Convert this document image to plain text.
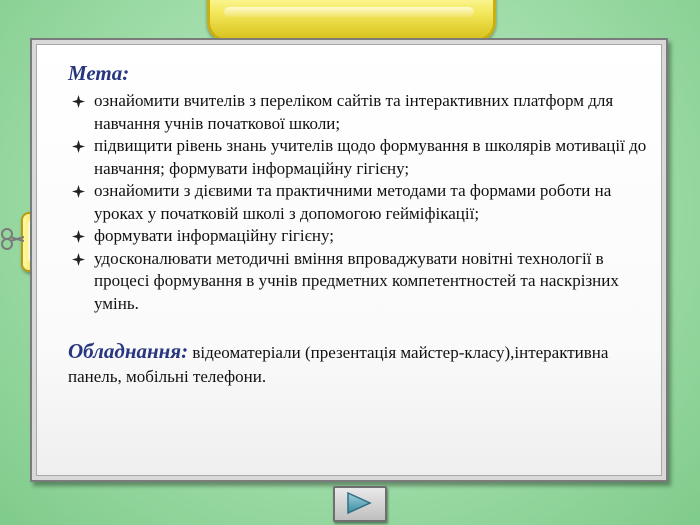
Мета:

ознайомити вчителів з переліком сайтів та інтерактивних платформ для навчання учнів початкової школи;
підвищити рівень знань учителів щодо формування в школярів мотивації до навчання; формувати інформаційну гігієну;
ознайомити з дієвими та практичними методами та формами роботи на уроках у початковій школі з допомогою гейміфікації;
формувати інформаційну гігієну;
удосконалювати методичні вміння впроваджувати новітні технології в процесі формування в учнів предметних компетентностей та наскрізних умінь.
Обладнання: відеоматеріали (презентація майстер-класу),інтерактивна панель, мобільні телефони.
